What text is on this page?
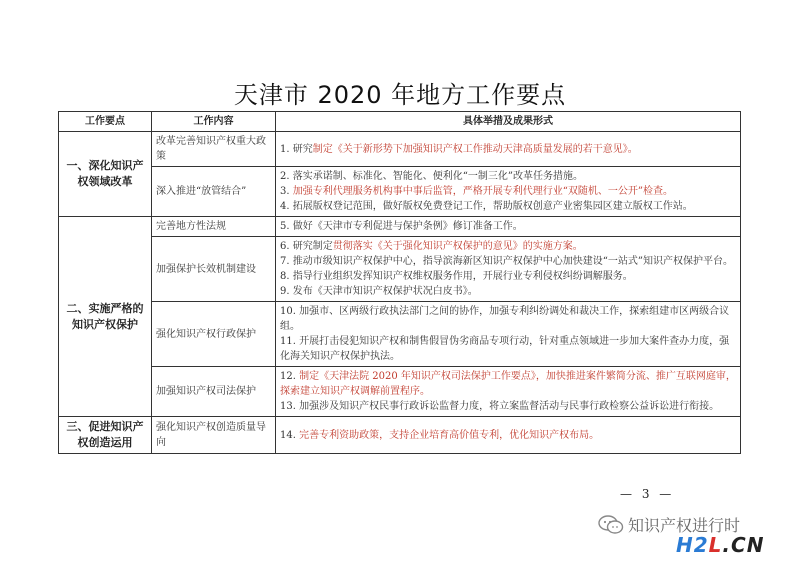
天津市 2020 年地方工作要点
工作要点	工作内容	具体举措及成果形式
一、深化知识产权领域改革	改革完善知识产权重大政策	1. 研究制定《关于新形势下加强知识产权工作推动天津高质量发展的若干意见》。

	深入推进“放管结合”	2. 落实承诺制、标准化、智能化、便利化“一制三化”改革任务措施。
3. 加强专利代理服务机构事中事后监管，严格开展专利代理行业“双随机、一公开”检查。
4. 拓展版权登记范围，做好版权免费登记工作，帮助版权创意产业密集园区建立版权工作站。

二、实施严格的知识产权保护	完善地方性法规	5. 做好《天津市专利促进与保护条例》修订准备工作。

	加强保护长效机制建设	6. 研究制定贯彻落实《关于强化知识产权保护的意见》的实施方案。
7. 推动市级知识产权保护中心，指导滨海新区知识产权保护中心加快建设“一站式”知识产权保护平台。
8. 指导行业组织发挥知识产权维权服务作用，开展行业专利侵权纠纷调解服务。
9. 发布《天津市知识产权保护状况白皮书》。

	强化知识产权行政保护	10. 加强市、区两级行政执法部门之间的协作，加强专利纠纷调处和裁决工作，探索组建市区两级合议组。
11. 开展打击侵犯知识产权和制售假冒伪劣商品专项行动，针对重点领域进一步加大案件查办力度，强化海关知识产权保护执法。

	加强知识产权司法保护	12. 制定《天津法院 2020 年知识产权司法保护工作要点》，加快推进案件繁简分流、推广互联网庭审，探索建立知识产权调解前置程序。
13. 加强涉及知识产权民事行政诉讼监督力度，将立案监督活动与民事行政检察公益诉讼进行衔接。

三、促进知识产权创造运用	强化知识产权创造质量导向	14. 完善专利资助政策，支持企业培育高价值专利，优化知识产权布局。
— 3 —
知识产权进行时
H2L.CN
